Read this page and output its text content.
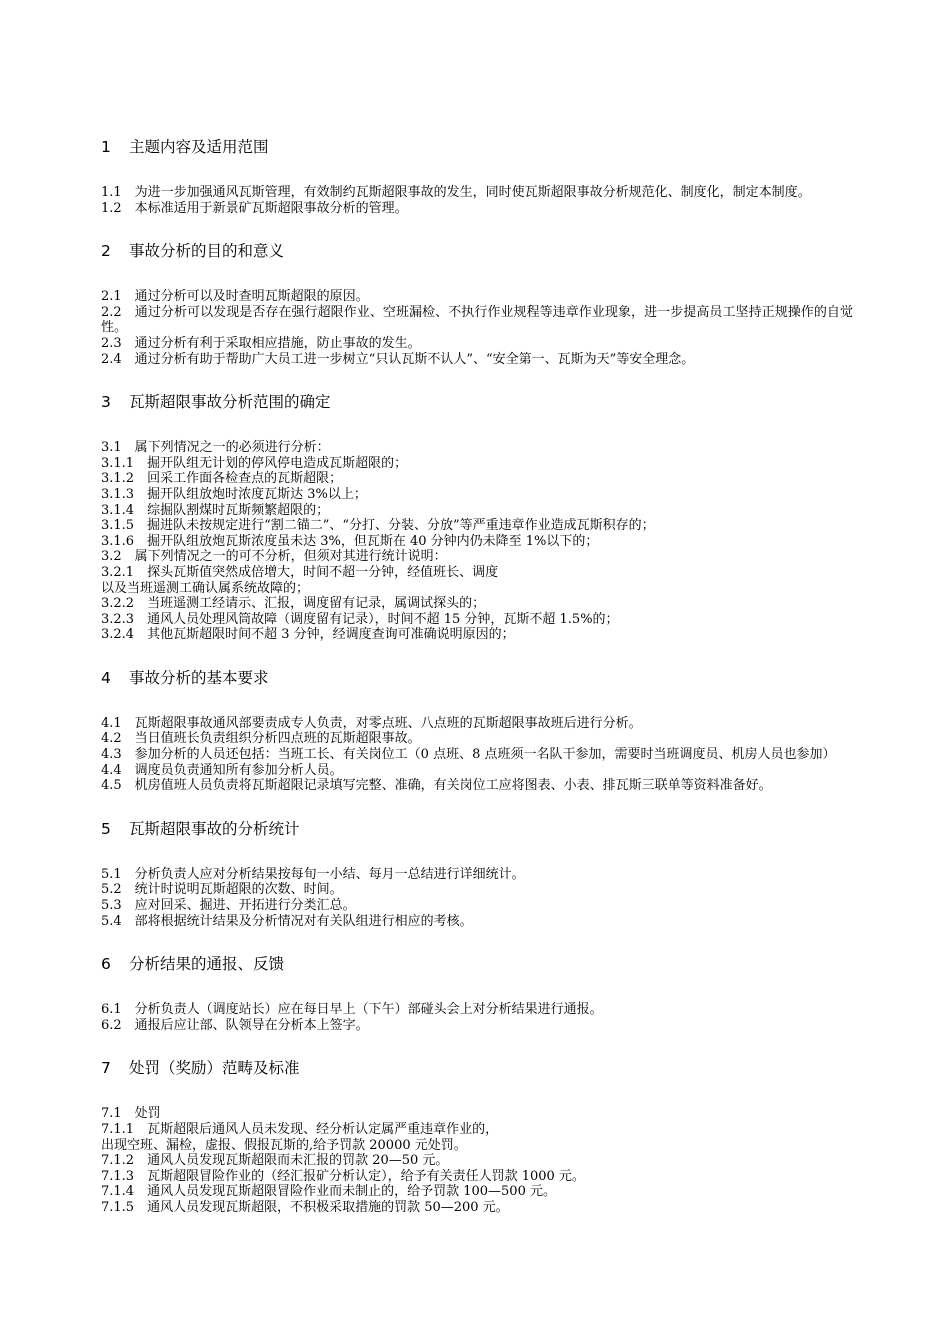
1 主题内容及适用范围

1.1　为进一步加强通风瓦斯管理，有效制约瓦斯超限事故的发生，同时使瓦斯超限事故分析规范化、制度化，制定本制度。

1.2　本标准适用于新景矿瓦斯超限事故分析的管理。

2 事故分析的目的和意义

2.1　通过分析可以及时查明瓦斯超限的原因。

2.2　通过分析可以发现是否存在强行超限作业、空班漏检、不执行作业规程等违章作业现象，进一步提高员工坚持正规操作的自觉性。

2.3　通过分析有利于采取相应措施，防止事故的发生。

2.4　通过分析有助于帮助广大员工进一步树立“只认瓦斯不认人”、“安全第一、瓦斯为天”等安全理念。

3 瓦斯超限事故分析范围的确定

3.1　属下列情况之一的必须进行分析：

3.1.1　掘开队组无计划的停风停电造成瓦斯超限的；

3.1.2　回采工作面各检查点的瓦斯超限；

3.1.3　掘开队组放炮时浓度瓦斯达 3%以上；

3.1.4　综掘队割煤时瓦斯频繁超限的；

3.1.5　掘进队未按规定进行“割二锚二”、“分打、分装、分放”等严重违章作业造成瓦斯积存的；

3.1.6　掘开队组放炮瓦斯浓度虽未达 3%，但瓦斯在 40 分钟内仍未降至 1%以下的；

3.2　属下列情况之一的可不分析，但须对其进行统计说明：

3.2.1　探头瓦斯值突然成倍增大，时间不超一分钟，经值班长、调度

以及当班遥测工确认属系统故障的；

3.2.2　当班遥测工经请示、汇报，调度留有记录，属调试探头的；

3.2.3　通风人员处理风筒故障（调度留有记录），时间不超 15 分钟，瓦斯不超 1.5%的；

3.2.4　其他瓦斯超限时间不超 3 分钟，经调度查询可准确说明原因的；

4 事故分析的基本要求

4.1　瓦斯超限事故通风部要责成专人负责，对零点班、八点班的瓦斯超限事故班后进行分析。

4.2　当日值班长负责组织分析四点班的瓦斯超限事故。

4.3　参加分析的人员还包括：当班工长、有关岗位工（0 点班、8 点班须一名队干参加，需要时当班调度员、机房人员也参加）

4.4　调度员负责通知所有参加分析人员。

4.5　机房值班人员负责将瓦斯超限记录填写完整、准确，有关岗位工应将图表、小表、排瓦斯三联单等资料准备好。

5 瓦斯超限事故的分析统计

5.1　分析负责人应对分析结果按每旬一小结、每月一总结进行详细统计。

5.2　统计时说明瓦斯超限的次数、时间。

5.3　应对回采、掘进、开拓进行分类汇总。

5.4　部将根据统计结果及分析情况对有关队组进行相应的考核。

6 分析结果的通报、反馈

6.1　分析负责人（调度站长）应在每日早上（下午）部碰头会上对分析结果进行通报。

6.2　通报后应让部、队领导在分析本上签字。

7 处罚（奖励）范畴及标准

7.1　处罚

7.1.1　瓦斯超限后通风人员未发现、经分析认定属严重违章作业的，

出现空班、漏检，虚报、假报瓦斯的,给予罚款 20000 元处罚。

7.1.2　通风人员发现瓦斯超限而未汇报的罚款 20—50 元。

7.1.3　瓦斯超限冒险作业的（经汇报矿分析认定），给予有关责任人罚款 1000 元。

7.1.4　通风人员发现瓦斯超限冒险作业而未制止的，给予罚款 100—500 元。

7.1.5　通风人员发现瓦斯超限，不积极采取措施的罚款 50—200 元。
